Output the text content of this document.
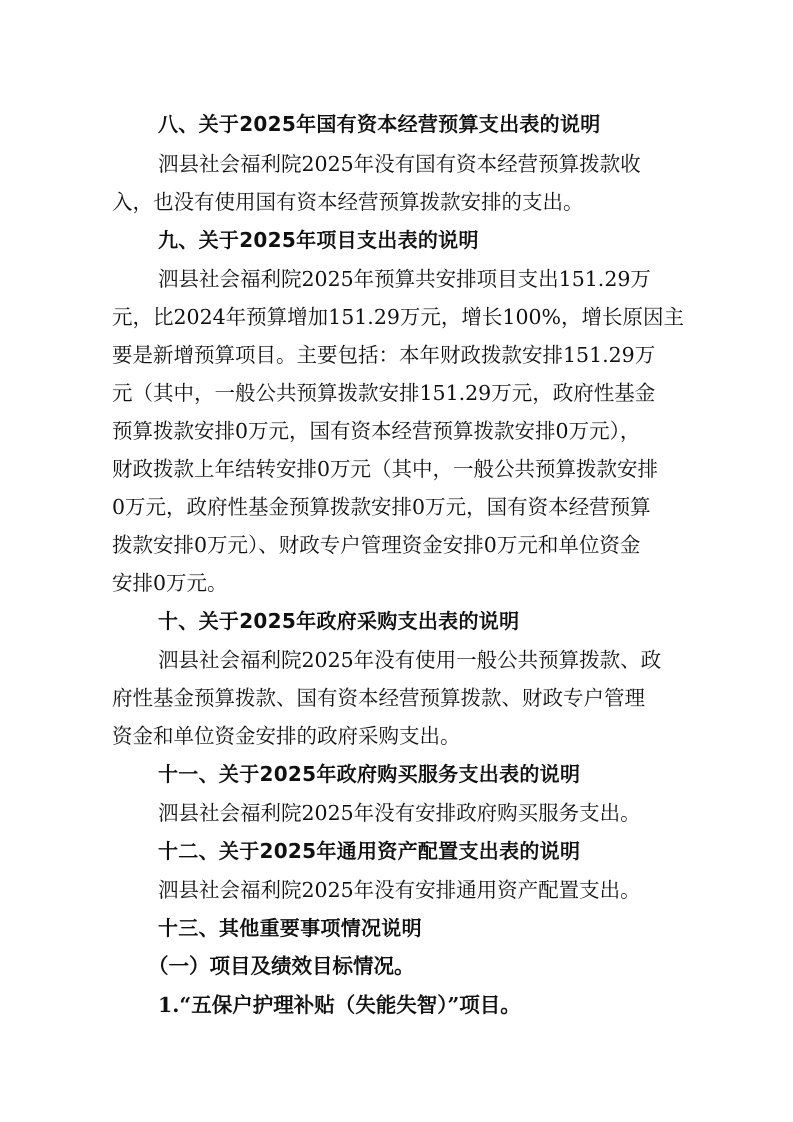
八、关于2025年国有资本经营预算支出表的说明
泗县社会福利院2025年没有国有资本经营预算拨款收
入，也没有使用国有资本经营预算拨款安排的支出。
九、关于2025年项目支出表的说明
泗县社会福利院2025年预算共安排项目支出151.29万
元，比2024年预算增加151.29万元，增长100%，增长原因主
要是新增预算项目。主要包括：本年财政拨款安排151.29万
元（其中，一般公共预算拨款安排151.29万元，政府性基金
预算拨款安排0万元，国有资本经营预算拨款安排0万元），
财政拨款上年结转安排0万元（其中，一般公共预算拨款安排
0万元，政府性基金预算拨款安排0万元，国有资本经营预算
拨款安排0万元）、财政专户管理资金安排0万元和单位资金
安排0万元。
十、关于2025年政府采购支出表的说明
泗县社会福利院2025年没有使用一般公共预算拨款、政
府性基金预算拨款、国有资本经营预算拨款、财政专户管理
资金和单位资金安排的政府采购支出。
十一、关于2025年政府购买服务支出表的说明
泗县社会福利院2025年没有安排政府购买服务支出。
十二、关于2025年通用资产配置支出表的说明
泗县社会福利院2025年没有安排通用资产配置支出。
十三、其他重要事项情况说明
（一）项目及绩效目标情况。
1.“五保户护理补贴（失能失智）”项目。
